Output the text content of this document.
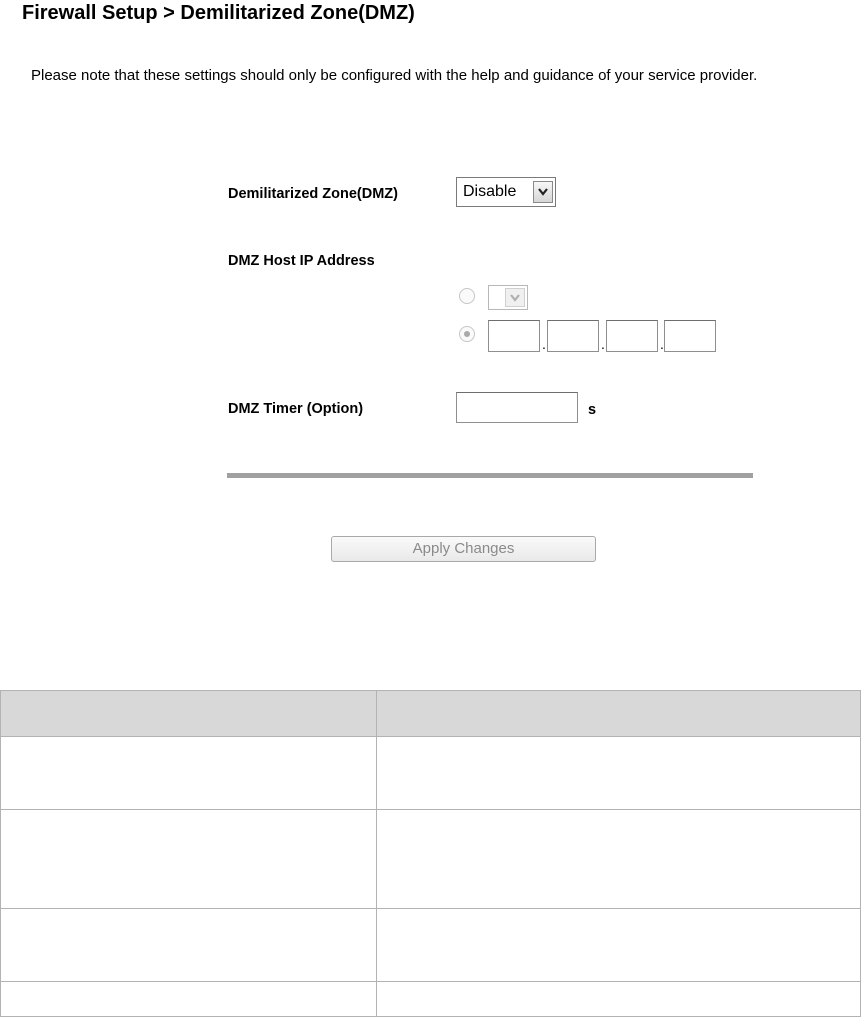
Firewall Setup > Demilitarized Zone(DMZ)
Please note that these settings should only be configured with the help and guidance of your service provider.
Demilitarized Zone(DMZ)	Disable
DMZ Host IP Address
.	.	.
DMZ Timer (Option)	s
Apply Changes
